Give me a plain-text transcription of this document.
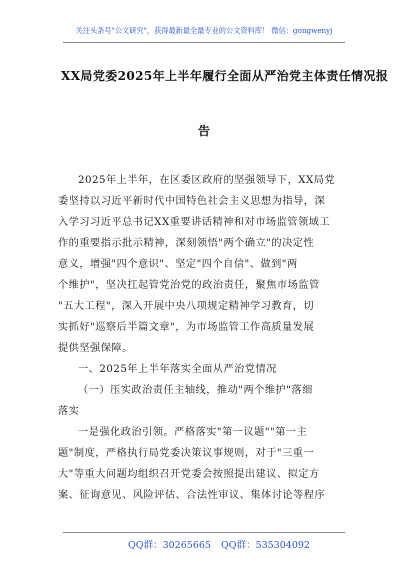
关注头条号"公文研究"，获得最新最全最专业的公文资料库！ 微信：gongwenyj
XX局党委2025年上半年履行全面从严治党主体责任情况报
告
2025年上半年，在区委区政府的坚强领导下，XX局党
委坚持以习近平新时代中国特色社会主义思想为指导，深
入学习习近平总书记XX重要讲话精神和对市场监管领域工
作的重要指示批示精神，深刻领悟"两个确立"的决定性
意义，增强"四个意识"、坚定"四个自信"、做到"两
个维护"，坚决扛起管党治党的政治责任，聚焦市场监管
"五大工程"，深入开展中央八项规定精神学习教育，切
实抓好"巡察后半篇文章"，为市场监管工作高质量发展
提供坚强保障。
一、2025年上半年落实全面从严治党情况
（一）压实政治责任主轴线，推动"两个维护"落细
落实
一是强化政治引领。严格落实"第一议题""第一主
题"制度，严格执行局党委决策议事规则，对于"三重一
大"等重大问题均组织召开党委会按照提出建议、拟定方
案、征询意见、风险评估、合法性审议、集体讨论等程序
QQ群：30265665 QQ群：535304092
